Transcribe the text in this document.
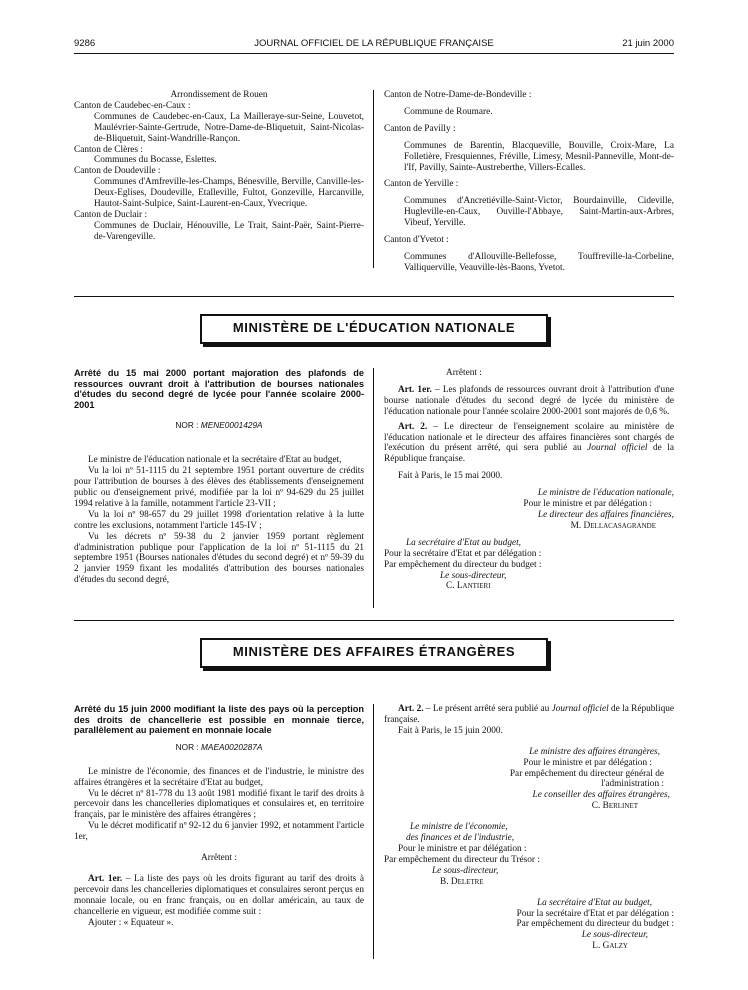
9286	JOURNAL OFFICIEL DE LA RÉPUBLIQUE FRANÇAISE	21 juin 2000

Arrondissement de Rouen

Canton de Caudebec-en-Caux :

Communes de Caudebec-en-Caux, La Mailleraye-sur-Seine, Louvetot, Maulévrier-Sainte-Gertrude, Notre-Dame-de-Bliquetuit, Saint-Nicolas-de-Bliquetuit, Saint-Wandrille-Rançon.

Canton de Clères :

Communes du Bocasse, Eslettes.

Canton de Doudeville :

Communes d'Amfreville-les-Champs, Bénesville, Berville, Canville-les-Deux-Eglises, Doudeville, Etalleville, Fultot, Gonzeville, Harcanville, Hautot-Saint-Sulpice, Saint-Laurent-en-Caux, Yvecrique.

Canton de Duclair :

Communes de Duclair, Hénouville, Le Trait, Saint-Paër, Saint-Pierre-de-Varengeville.

Canton de Notre-Dame-de-Bondeville :

Commune de Roumare.

Canton de Pavilly :

Communes de Barentin, Blacqueville, Bouville, Croix-Mare, La Folletière, Fresquiennes, Fréville, Limesy, Mesnil-Panneville, Mont-de-l'If, Pavilly, Sainte-Austreberthe, Villers-Ecalles.

Canton de Yerville :

Communes d'Ancretiéville-Saint-Victor, Bourdainville, Cideville, Hugleville-en-Caux, Ouville-l'Abbaye, Saint-Martin-aux-Arbres, Vibeuf, Yerville.

Canton d'Yvetot :

Communes d'Allouville-Bellefosse, Touffreville-la-Corbeline, Valliquerville, Veauville-lès-Baons, Yvetot.

MINISTÈRE DE L'ÉDUCATION NATIONALE

Arrêté du 15 mai 2000 portant majoration des plafonds de ressources ouvrant droit à l'attribution de bourses nationales d'études du second degré de lycée pour l'année scolaire 2000-2001

NOR : MENE0001429A

Le ministre de l'éducation nationale et la secrétaire d'Etat au budget,

Vu la loi nº 51-1115 du 21 septembre 1951 portant ouverture de crédits pour l'attribution de bourses à des élèves des établissements d'enseignement public ou d'enseignement privé, modifiée par la loi nº 94-629 du 25 juillet 1994 relative à la famille, notamment l'article 23-VII ;

Vu la loi nº 98-657 du 29 juillet 1998 d'orientation relative à la lutte contre les exclusions, notamment l'article 145-IV ;

Vu les décrets nº 59-38 du 2 janvier 1959 portant règlement d'administration publique pour l'application de la loi nº 51-1115 du 21 septembre 1951 (Bourses nationales d'études du second degré) et nº 59-39 du 2 janvier 1959 fixant les modalités d'attribution des bourses nationales d'études du second degré,

Arrêtent :

Art. 1er. – Les plafonds de ressources ouvrant droit à l'attribution d'une bourse nationale d'études du second degré de lycée du ministère de l'éducation nationale pour l'année scolaire 2000-2001 sont majorés de 0,6 %.

Art. 2. – Le directeur de l'enseignement scolaire au ministère de l'éducation nationale et le directeur des affaires financières sont chargés de l'exécution du présent arrêté, qui sera publié au Journal officiel de la République française.

Fait à Paris, le 15 mai 2000.

Le ministre de l'éducation nationale,

Pour le ministre et par délégation :

Le directeur des affaires financières,

M. Dellacasagrande

La secrétaire d'Etat au budget,

Pour la secrétaire d'Etat et par délégation :

Par empêchement du directeur du budget :

Le sous-directeur,

C. Lantieri

MINISTÈRE DES AFFAIRES ÉTRANGÈRES

Arrêté du 15 juin 2000 modifiant la liste des pays où la perception des droits de chancellerie est possible en monnaie tierce, parallèlement au paiement en monnaie locale

NOR : MAEA0020287A

Le ministre de l'économie, des finances et de l'industrie, le ministre des affaires étrangères et la secrétaire d'Etat au budget,

Vu le décret nº 81-778 du 13 août 1981 modifié fixant le tarif des droits à percevoir dans les chancelleries diplomatiques et consulaires et, en territoire français, par le ministère des affaires étrangères ;

Vu le décret modificatif nº 92-12 du 6 janvier 1992, et notamment l'article 1er,

Arrêtent :

Art. 1er. – La liste des pays où les droits figurant au tarif des droits à percevoir dans les chancelleries diplomatiques et consulaires seront perçus en monnaie locale, ou en franc français, ou en dollar américain, au taux de chancellerie en vigueur, est modifiée comme suit :

Ajouter : « Equateur ».

Art. 2. – Le présent arrêté sera publié au Journal officiel de la République française.

Fait à Paris, le 15 juin 2000.

Le ministre des affaires étrangères,

Pour le ministre et par délégation :

Par empêchement du directeur général de l'administration :

Le conseiller des affaires étrangères,

C. Berlinet

Le ministre de l'économie,

des finances et de l'industrie,

Pour le ministre et par délégation :

Par empêchement du directeur du Trésor :

Le sous-directeur,

B. Deletre

La secrétaire d'Etat au budget,

Pour la secrétaire d'Etat et par délégation :

Par empêchement du directeur du budget :

Le sous-directeur,

L. Galzy
